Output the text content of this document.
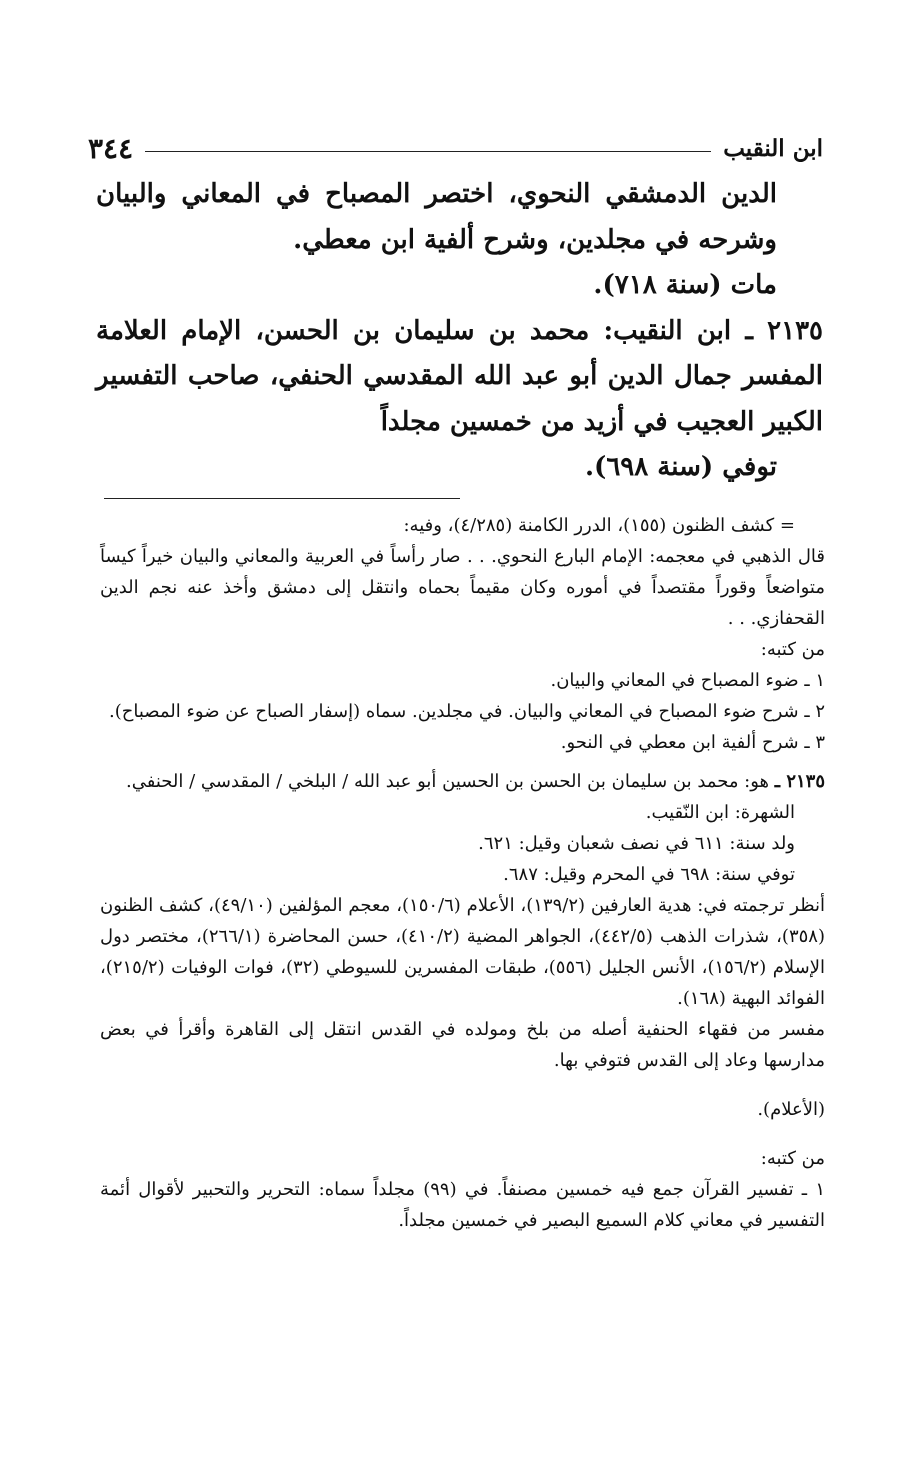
ابن النقيب
٣٤٤

الدين الدمشقي النحوي، اختصر المصباح في المعاني والبيان وشرحه في مجلدين، وشرح ألفية ابن معطي.

مات (سنة ٧١٨).

٢١٣٥ ـ ابن النقيب: محمد بن سليمان بن الحسن، الإمام العلامة المفسر جمال الدين أبو عبد الله المقدسي الحنفي، صاحب التفسير الكبير العجيب في أزيد من خمسين مجلداً

توفي (سنة ٦٩٨).

= كشف الظنون (١٥٥)، الدرر الكامنة (٤/٢٨٥)، وفيه:

قال الذهبي في معجمه: الإمام البارع النحوي. . . صار رأساً في العربية والمعاني والبيان خيراً كيساً متواضعاً وقوراً مقتصداً في أموره وكان مقيماً بحماه وانتقل إلى دمشق وأخذ عنه نجم الدين القحفازي. . .

من كتبه:

١ ـ ضوء المصباح في المعاني والبيان.

٢ ـ شرح ضوء المصباح في المعاني والبيان. في مجلدين. سماه (إسفار الصباح عن ضوء المصباح).

٣ ـ شرح ألفية ابن معطي في النحو.

٢١٣٥ ـ هو: محمد بن سليمان بن الحسن بن الحسين أبو عبد الله / البلخي / المقدسي / الحنفي.

الشهرة: ابن النّقيب.

ولد سنة: ٦١١ في نصف شعبان وقيل: ٦٢١.

توفي سنة: ٦٩٨ في المحرم وقيل: ٦٨٧.

أنظر ترجمته في: هدية العارفين (١٣٩/٢)، الأعلام (١٥٠/٦)، معجم المؤلفين (٤٩/١٠)، كشف الظنون (٣٥٨)، شذرات الذهب (٤٤٢/٥)، الجواهر المضية (٤١٠/٢)، حسن المحاضرة (٢٦٦/١)، مختصر دول الإسلام (١٥٦/٢)، الأنس الجليل (٥٥٦)، طبقات المفسرين للسيوطي (٣٢)، فوات الوفيات (٢١٥/٢)، الفوائد البهية (١٦٨).

مفسر من فقهاء الحنفية أصله من بلخ ومولده في القدس انتقل إلى القاهرة وأقرأ في بعض مدارسها وعاد إلى القدس فتوفي بها.

(الأعلام).

من كتبه:

١ ـ تفسير القرآن جمع فيه خمسين مصنفاً. في (٩٩) مجلداً سماه: التحرير والتحبير لأقوال أئمة التفسير في معاني كلام السميع البصير في خمسين مجلداً.
